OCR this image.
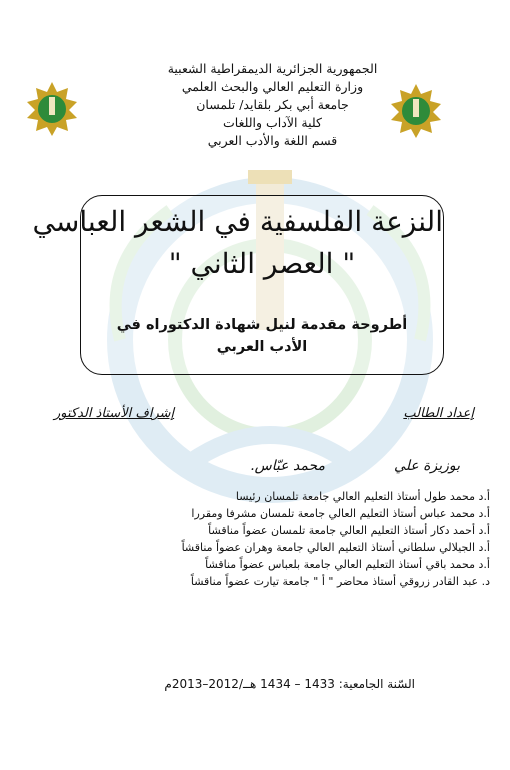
الجمهورية الجزائرية الديمقراطية الشعبية
وزارة التعليم العالي والبحث العلمي
جامعة أبي بكر بلقايد/ تلمسان
كلية الآداب واللغات
قسم اللغة والأدب العربي
النزعة الفلسفية في الشعر العباسي
" العصر الثاني "
أطروحة مقدمة لنيل شهادة الدكتوراه في الأدب العربي
إعداد الطالب
إشراف الأستاذ الدكتور
بوزيزة علي
محمد عبّاس.
أ.د محمد طول أستاذ التعليم العالي جامعة تلمسان رئيسا
أ.د محمد عباس أستاذ التعليم العالي جامعة تلمسان مشرفا ومقررا
أ.د أحمد دكار أستاذ التعليم العالي جامعة تلمسان عضواً مناقشاً
أ.د الجيلالي سلطاني أستاذ التعليم العالي جامعة وهران عضواً مناقشاً
أ.د محمد باقي أستاذ التعليم العالي جامعة بلعباس عضواً مناقشاً
د. عبد القادر زروقي أستاذ محاضر " أ " جامعة تيارت عضواً مناقشاً
السّنة الجامعية: 1433 – 1434 هــ/2012–2013م
